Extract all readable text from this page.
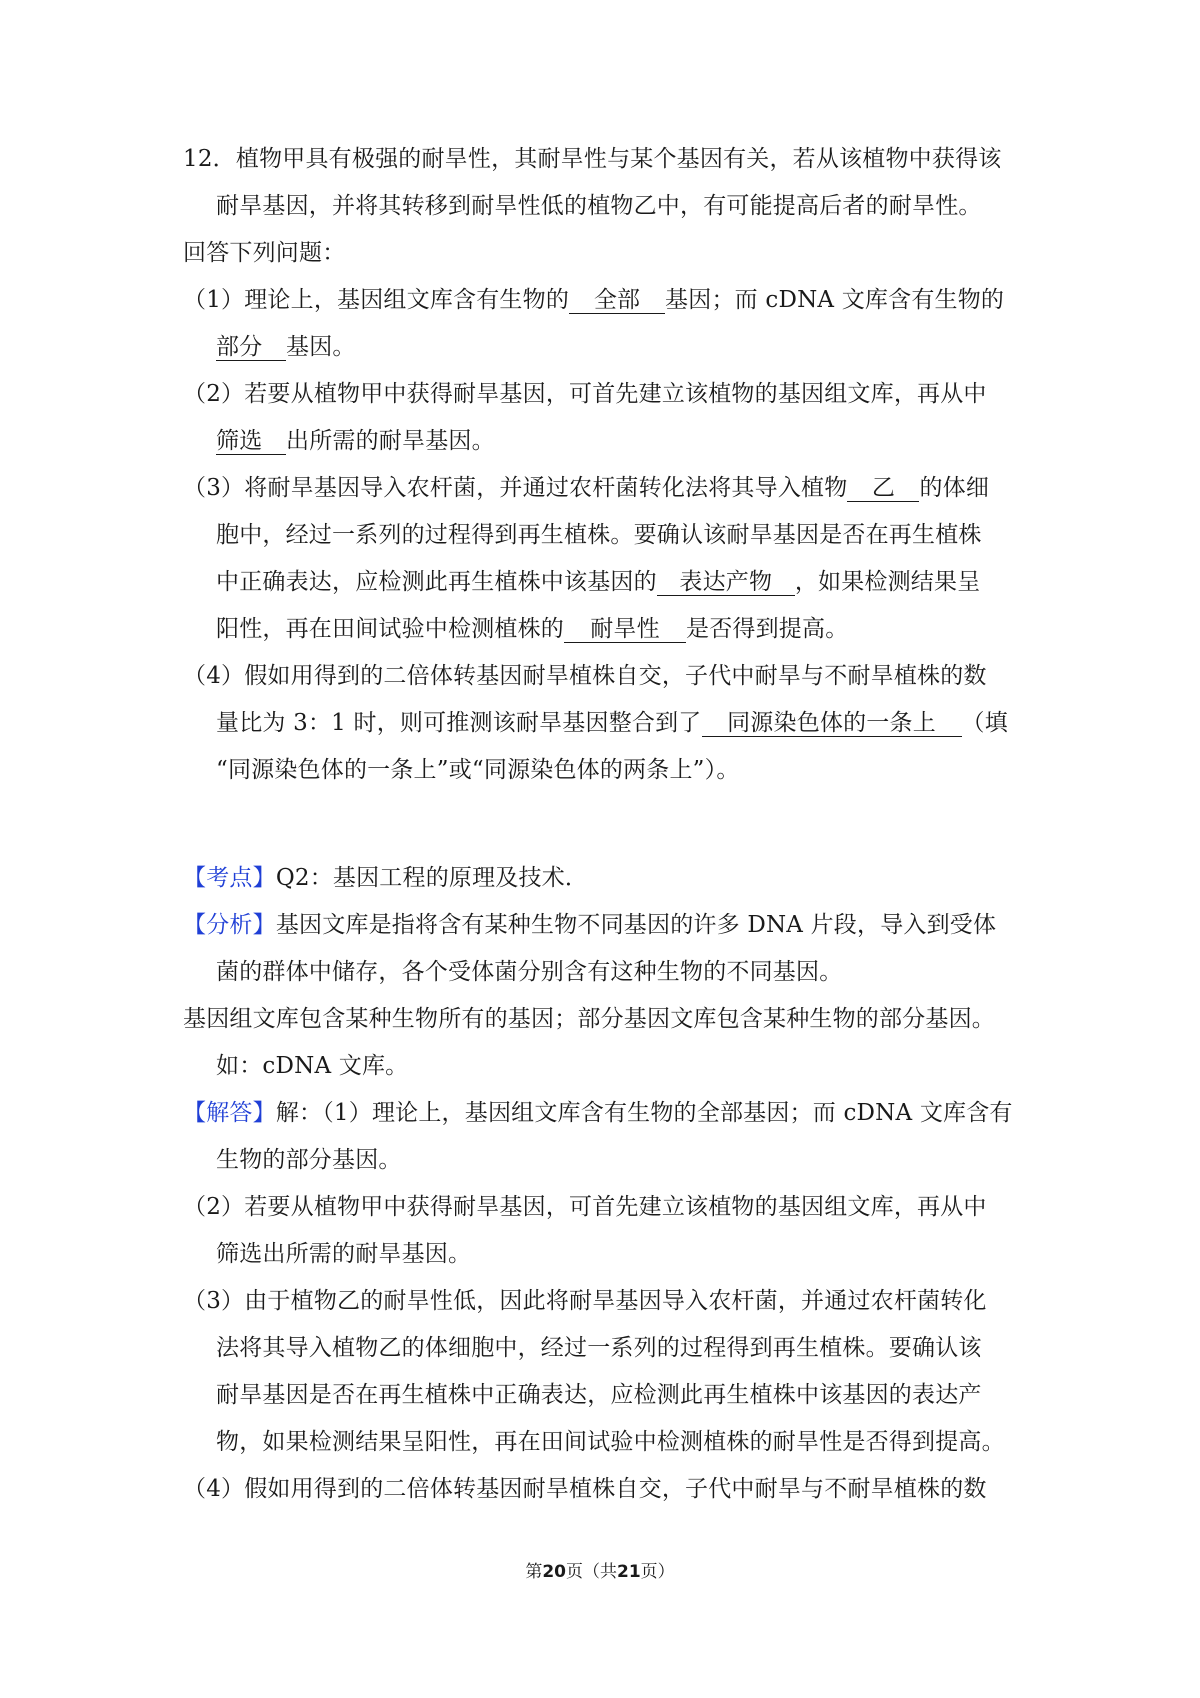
12．植物甲具有极强的耐旱性，其耐旱性与某个基因有关，若从该植物中获得该
耐旱基因，并将其转移到耐旱性低的植物乙中，有可能提高后者的耐旱性。
回答下列问题：
（1）理论上，基因组文库含有生物的 全部 基因；而 cDNA 文库含有生物的
部分 基因。
（2）若要从植物甲中获得耐旱基因，可首先建立该植物的基因组文库，再从中
筛选 出所需的耐旱基因。
（3）将耐旱基因导入农杆菌，并通过农杆菌转化法将其导入植物 乙 的体细
胞中，经过一系列的过程得到再生植株。要确认该耐旱基因是否在再生植株
中正确表达，应检测此再生植株中该基因的 表达产物 ，如果检测结果呈
阳性，再在田间试验中检测植株的 耐旱性 是否得到提高。
（4）假如用得到的二倍体转基因耐旱植株自交，子代中耐旱与不耐旱植株的数
量比为 3：1 时，则可推测该耐旱基因整合到了 同源染色体的一条上 （填
“同源染色体的一条上”或“同源染色体的两条上”）。
【考点】Q2：基因工程的原理及技术．
【分析】基因文库是指将含有某种生物不同基因的许多 DNA 片段，导入到受体
菌的群体中储存，各个受体菌分别含有这种生物的不同基因。
基因组文库包含某种生物所有的基因；部分基因文库包含某种生物的部分基因。
如：cDNA 文库。
【解答】解：（1）理论上，基因组文库含有生物的全部基因；而 cDNA 文库含有
生物的部分基因。
（2）若要从植物甲中获得耐旱基因，可首先建立该植物的基因组文库，再从中
筛选出所需的耐旱基因。
（3）由于植物乙的耐旱性低，因此将耐旱基因导入农杆菌，并通过农杆菌转化
法将其导入植物乙的体细胞中，经过一系列的过程得到再生植株。要确认该
耐旱基因是否在再生植株中正确表达，应检测此再生植株中该基因的表达产
物，如果检测结果呈阳性，再在田间试验中检测植株的耐旱性是否得到提高。
（4）假如用得到的二倍体转基因耐旱植株自交，子代中耐旱与不耐旱植株的数
第20页（共21页）
